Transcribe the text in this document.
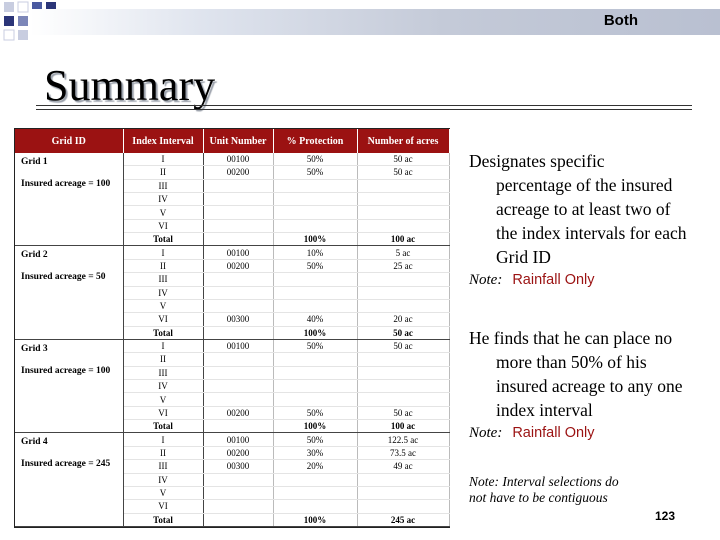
Both
Summary
Grid ID	Index Interval	Unit Number	% Protection	Number of acres
Grid 1
Insured acreage = 100	I	00100	50%	50 ac
	II	00200	50%	50 ac
	III			
	IV			
	V			
	VI			
	Total		100%	100 ac
Grid 2
Insured acreage = 50	I	00100	10%	5 ac
	II	00200	50%	25 ac
	III			
	IV			
	V			
	VI	00300	40%	20 ac
	Total		100%	50 ac
Grid 3
Insured acreage = 100	I	00100	50%	50 ac
	II			
	III			
	IV			
	V			
	VI	00200	50%	50 ac
	Total		100%	100 ac
Grid 4
Insured acreage = 245	I	00100	50%	122.5 ac
	II	00200	30%	73.5 ac
	III	00300	20%	49 ac
	IV			
	V			
	VI			
	Total		100%	245 ac
Designates specific
percentage of the insured
acreage to at least two of
the index intervals for each
Grid ID
Note: Rainfall Only
He finds that he can place no
more than 50% of his
insured acreage to any one
index interval
Note: Rainfall Only
Note: Interval selections do
not have to be contiguous
123
